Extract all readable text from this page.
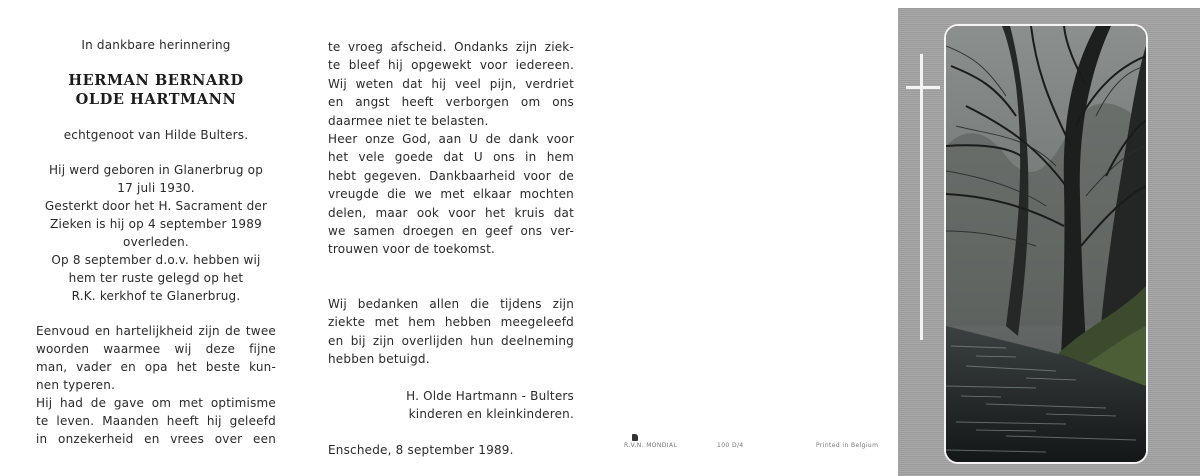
In dankbare herinnering
HERMAN BERNARD
OLDE HARTMANN
echtgenoot van Hilde Bulters.
Hij werd geboren in Glanerbrug op
17 juli 1930.
Gesterkt door het H. Sacrament der
Zieken is hij op 4 september 1989
overleden.
Op 8 september d.o.v. hebben wij
hem ter ruste gelegd op het
R.K. kerkhof te Glanerbrug.
Eenvoud en hartelijkheid zijn de twee
woorden waarmee wij deze fijne
man, vader en opa het beste kun-
nen typeren.
Hij had de gave om met optimisme
te leven. Maanden heeft hij geleefd
in onzekerheid en vrees over een
te vroeg afscheid. Ondanks zijn ziek-
te bleef hij opgewekt voor iedereen.
Wij weten dat hij veel pijn, verdriet
en angst heeft verborgen om ons
daarmee niet te belasten.
Heer onze God, aan U de dank voor
het vele goede dat U ons in hem
hebt gegeven. Dankbaarheid voor de
vreugde die we met elkaar mochten
delen, maar ook voor het kruis dat
we samen droegen en geef ons ver-
trouwen voor de toekomst.
Wij bedanken allen die tijdens zijn
ziekte met hem hebben meegeleefd
en bij zijn overlijden hun deelneming
hebben betuigd.
H. Olde Hartmann - Bulters
kinderen en kleinkinderen.
Enschede, 8 september 1989.	R.V.N. MONDIAL	100 D/4	Printed in Belgium
